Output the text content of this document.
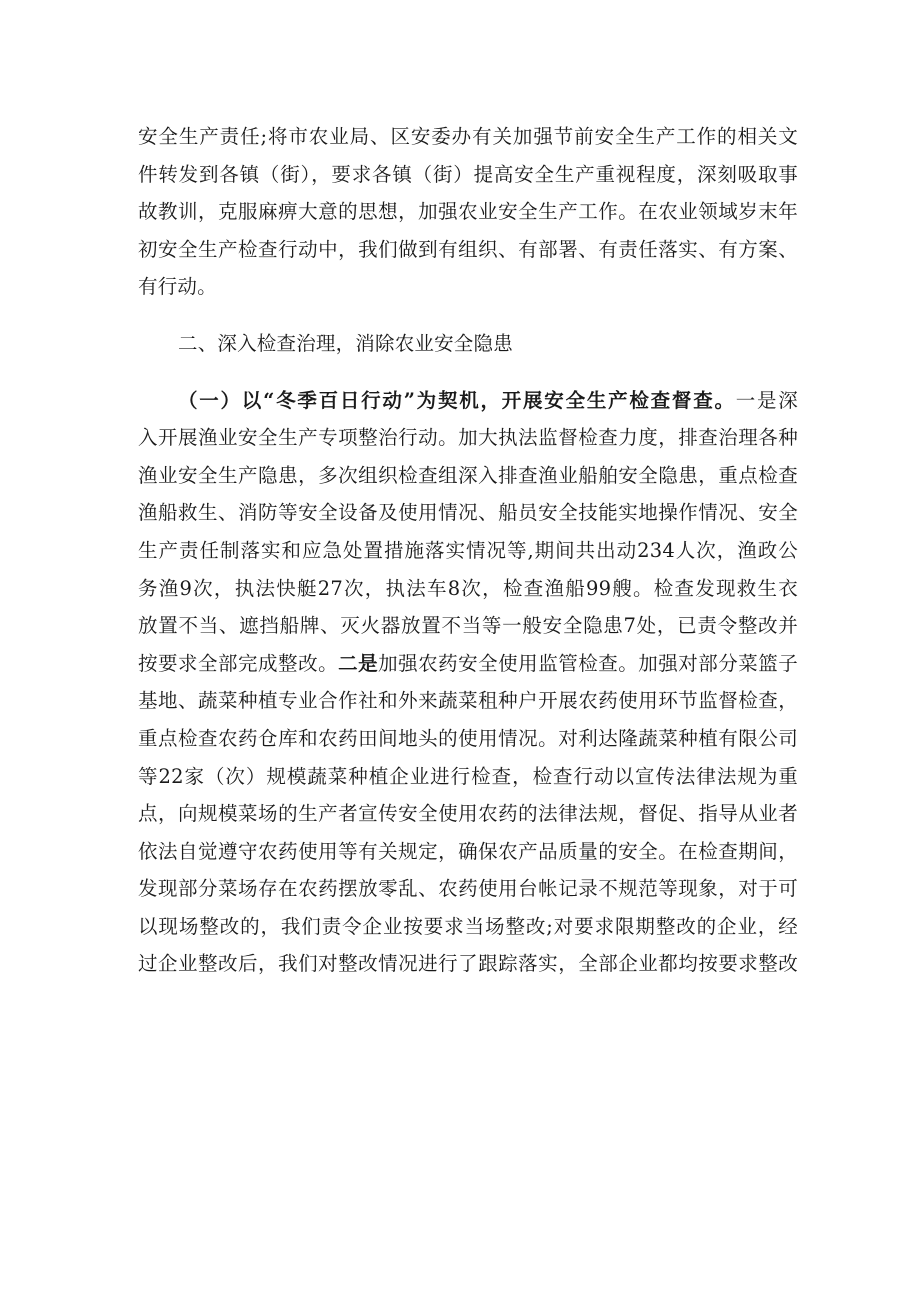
安全生产责任;将市农业局、区安委办有关加强节前安全生产工作的相关文
件转发到各镇（街），要求各镇（街）提高安全生产重视程度，深刻吸取事
故教训，克服麻痹大意的思想，加强农业安全生产工作。在农业领域岁末年
初安全生产检查行动中，我们做到有组织、有部署、有责任落实、有方案、
有行动。
二、深入检查治理，消除农业安全隐患
（一）以“冬季百日行动”为契机，开展安全生产检查督查。一是深
入开展渔业安全生产专项整治行动。加大执法监督检查力度，排查治理各种
渔业安全生产隐患，多次组织检查组深入排查渔业船舶安全隐患，重点检查
渔船救生、消防等安全设备及使用情况、船员安全技能实地操作情况、安全
生产责任制落实和应急处置措施落实情况等,期间共出动234人次，渔政公
务渔9次，执法快艇27次，执法车8次，检查渔船99艘。检查发现救生衣
放置不当、遮挡船牌、灭火器放置不当等一般安全隐患7处，已责令整改并
按要求全部完成整改。二是加强农药安全使用监管检查。加强对部分菜篮子
基地、蔬菜种植专业合作社和外来蔬菜租种户开展农药使用环节监督检查，
重点检查农药仓库和农药田间地头的使用情况。对利达隆蔬菜种植有限公司
等22家（次）规模蔬菜种植企业进行检查，检查行动以宣传法律法规为重
点，向规模菜场的生产者宣传安全使用农药的法律法规，督促、指导从业者
依法自觉遵守农药使用等有关规定，确保农产品质量的安全。在检查期间，
发现部分菜场存在农药摆放零乱、农药使用台帐记录不规范等现象，对于可
以现场整改的，我们责令企业按要求当场整改;对要求限期整改的企业，经
过企业整改后，我们对整改情况进行了跟踪落实，全部企业都均按要求整改
